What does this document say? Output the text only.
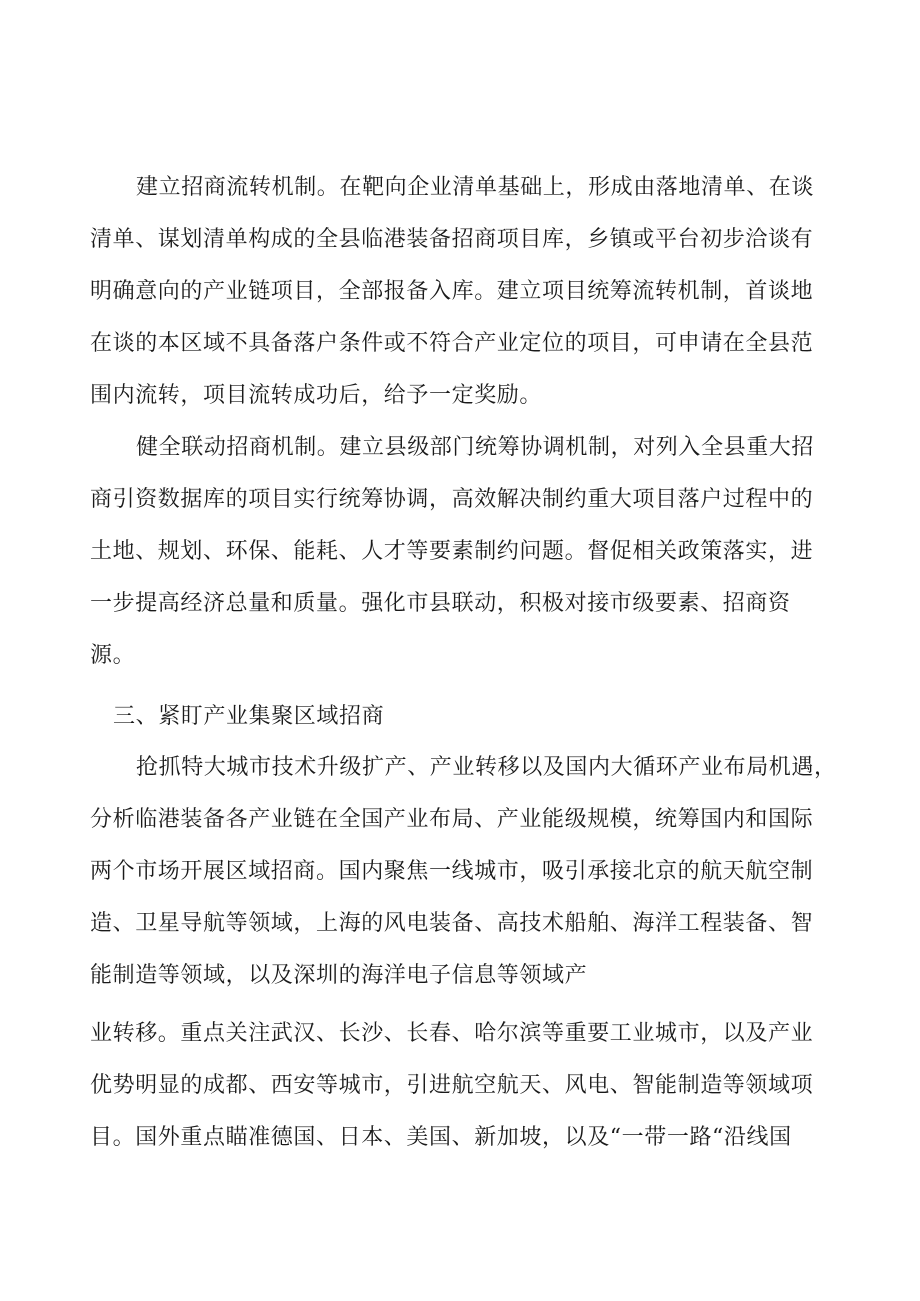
建立招商流转机制。在靶向企业清单基础上，形成由落地清单、在谈

清单、谋划清单构成的全县临港装备招商项目库，乡镇或平台初步洽谈有

明确意向的产业链项目，全部报备入库。建立项目统筹流转机制，首谈地

在谈的本区域不具备落户条件或不符合产业定位的项目，可申请在全县范

围内流转，项目流转成功后，给予一定奖励。

健全联动招商机制。建立县级部门统筹协调机制，对列入全县重大招

商引资数据库的项目实行统筹协调，高效解决制约重大项目落户过程中的

土地、规划、环保、能耗、人才等要素制约问题。督促相关政策落实，进

一步提高经济总量和质量。强化市县联动，积极对接市级要素、招商资

源。

三、紧盯产业集聚区域招商

抢抓特大城市技术升级扩产、产业转移以及国内大循环产业布局机遇，

分析临港装备各产业链在全国产业布局、产业能级规模，统筹国内和国际

两个市场开展区域招商。国内聚焦一线城市，吸引承接北京的航天航空制

造、卫星导航等领域，上海的风电装备、高技术船舶、海洋工程装备、智

能制造等领域，以及深圳的海洋电子信息等领域产

业转移。重点关注武汉、长沙、长春、哈尔滨等重要工业城市，以及产业

优势明显的成都、西安等城市，引进航空航天、风电、智能制造等领域项

目。国外重点瞄准德国、日本、美国、新加坡，以及“一带一路“沿线国
